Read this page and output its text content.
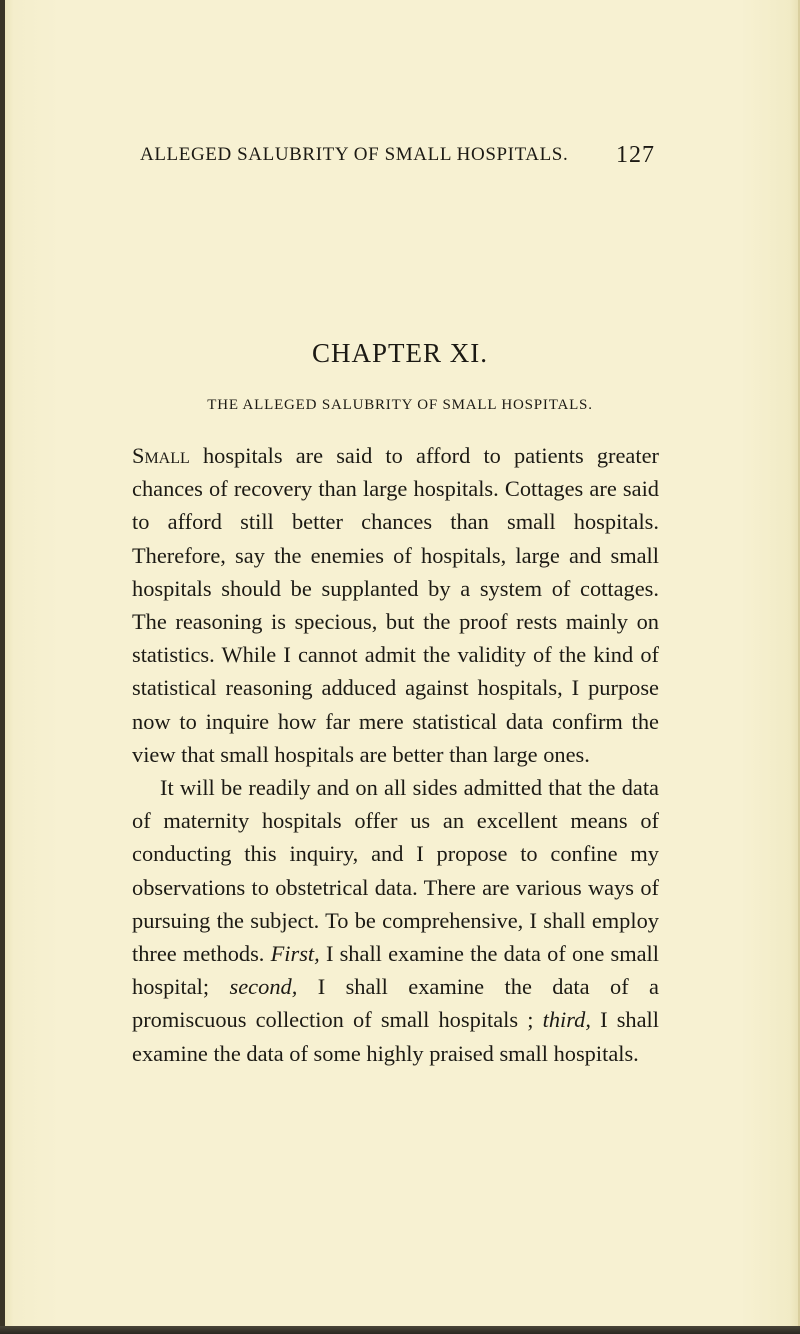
ALLEGED SALUBRITY OF SMALL HOSPITALS. 127
CHAPTER XI.
THE ALLEGED SALUBRITY OF SMALL HOSPITALS.

Small hospitals are said to afford to patients greater chances of recovery than large hospitals. Cottages are said to afford still better chances than small hospitals. Therefore, say the enemies of hospitals, large and small hospitals should be supplanted by a system of cottages. The reasoning is specious, but the proof rests mainly on statistics. While I cannot admit the validity of the kind of statistical reasoning adduced against hospitals, I purpose now to inquire how far mere statistical data confirm the view that small hospitals are better than large ones.

It will be readily and on all sides admitted that the data of maternity hospitals offer us an excellent means of conducting this inquiry, and I propose to confine my observations to obstetrical data. There are various ways of pursuing the subject. To be comprehensive, I shall employ three methods. First, I shall examine the data of one small hospital; second, I shall examine the data of a promiscuous collection of small hospitals ; third, I shall examine the data of some highly praised small hospitals.
